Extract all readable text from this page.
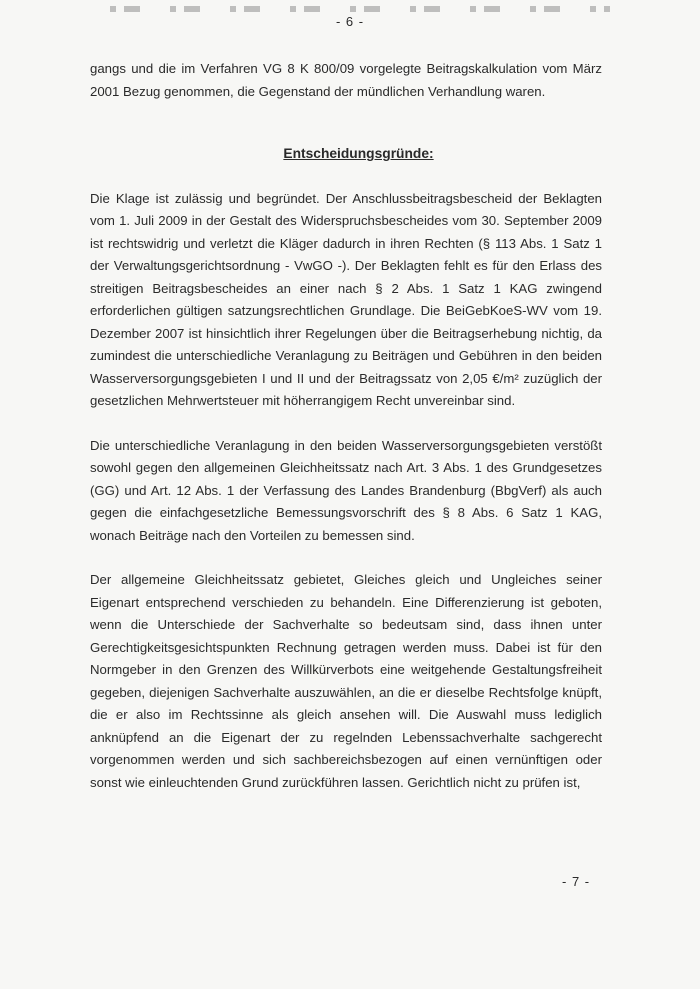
- 6 -

gangs und die im Verfahren VG 8 K 800/09 vorgelegte Beitragskalkulation vom März 2001 Bezug genommen, die Gegenstand der mündlichen Verhandlung waren.

Entscheidungsgründe:

Die Klage ist zulässig und begründet. Der Anschlussbeitragsbescheid der Beklagten vom 1. Juli 2009 in der Gestalt des Widerspruchsbescheides vom 30. September 2009 ist rechtswidrig und verletzt die Kläger dadurch in ihren Rechten (§ 113 Abs. 1 Satz 1 der Verwaltungsgerichtsordnung - VwGO -). Der Beklagten fehlt es für den Erlass des streitigen Beitragsbescheides an einer nach § 2 Abs. 1 Satz 1 KAG zwingend erforderlichen gültigen satzungsrechtlichen Grundlage. Die BeiGebKoeS-WV vom 19. Dezember 2007 ist hinsichtlich ihrer Regelungen über die Beitragserhebung nichtig, da zumindest die unterschiedliche Veranlagung zu Beiträgen und Gebühren in den beiden Wasserversorgungsgebieten I und II und der Beitragssatz von 2,05 €/m² zuzüglich der gesetzlichen Mehrwertsteuer mit höherrangigem Recht unvereinbar sind.

Die unterschiedliche Veranlagung in den beiden Wasserversorgungsgebieten verstößt sowohl gegen den allgemeinen Gleichheitssatz nach Art. 3 Abs. 1 des Grundgesetzes (GG) und Art. 12 Abs. 1 der Verfassung des Landes Brandenburg (BbgVerf) als auch gegen die einfachgesetzliche Bemessungsvorschrift des § 8 Abs. 6 Satz 1 KAG, wonach Beiträge nach den Vorteilen zu bemessen sind.

Der allgemeine Gleichheitssatz gebietet, Gleiches gleich und Ungleiches seiner Eigenart entsprechend verschieden zu behandeln. Eine Differenzierung ist geboten, wenn die Unterschiede der Sachverhalte so bedeutsam sind, dass ihnen unter Gerechtigkeitsgesichtspunkten Rechnung getragen werden muss. Dabei ist für den Normgeber in den Grenzen des Willkürverbots eine weitgehende Gestaltungsfreiheit gegeben, diejenigen Sachverhalte auszuwählen, an die er dieselbe Rechtsfolge knüpft, die er also im Rechtssinne als gleich ansehen will. Die Auswahl muss lediglich anknüpfend an die Eigenart der zu regelnden Lebenssachverhalte sachgerecht vorgenommen werden und sich sachbereichsbezogen auf einen vernünftigen oder sonst wie einleuchtenden Grund zurückführen lassen. Gerichtlich nicht zu prüfen ist,

- 7 -
